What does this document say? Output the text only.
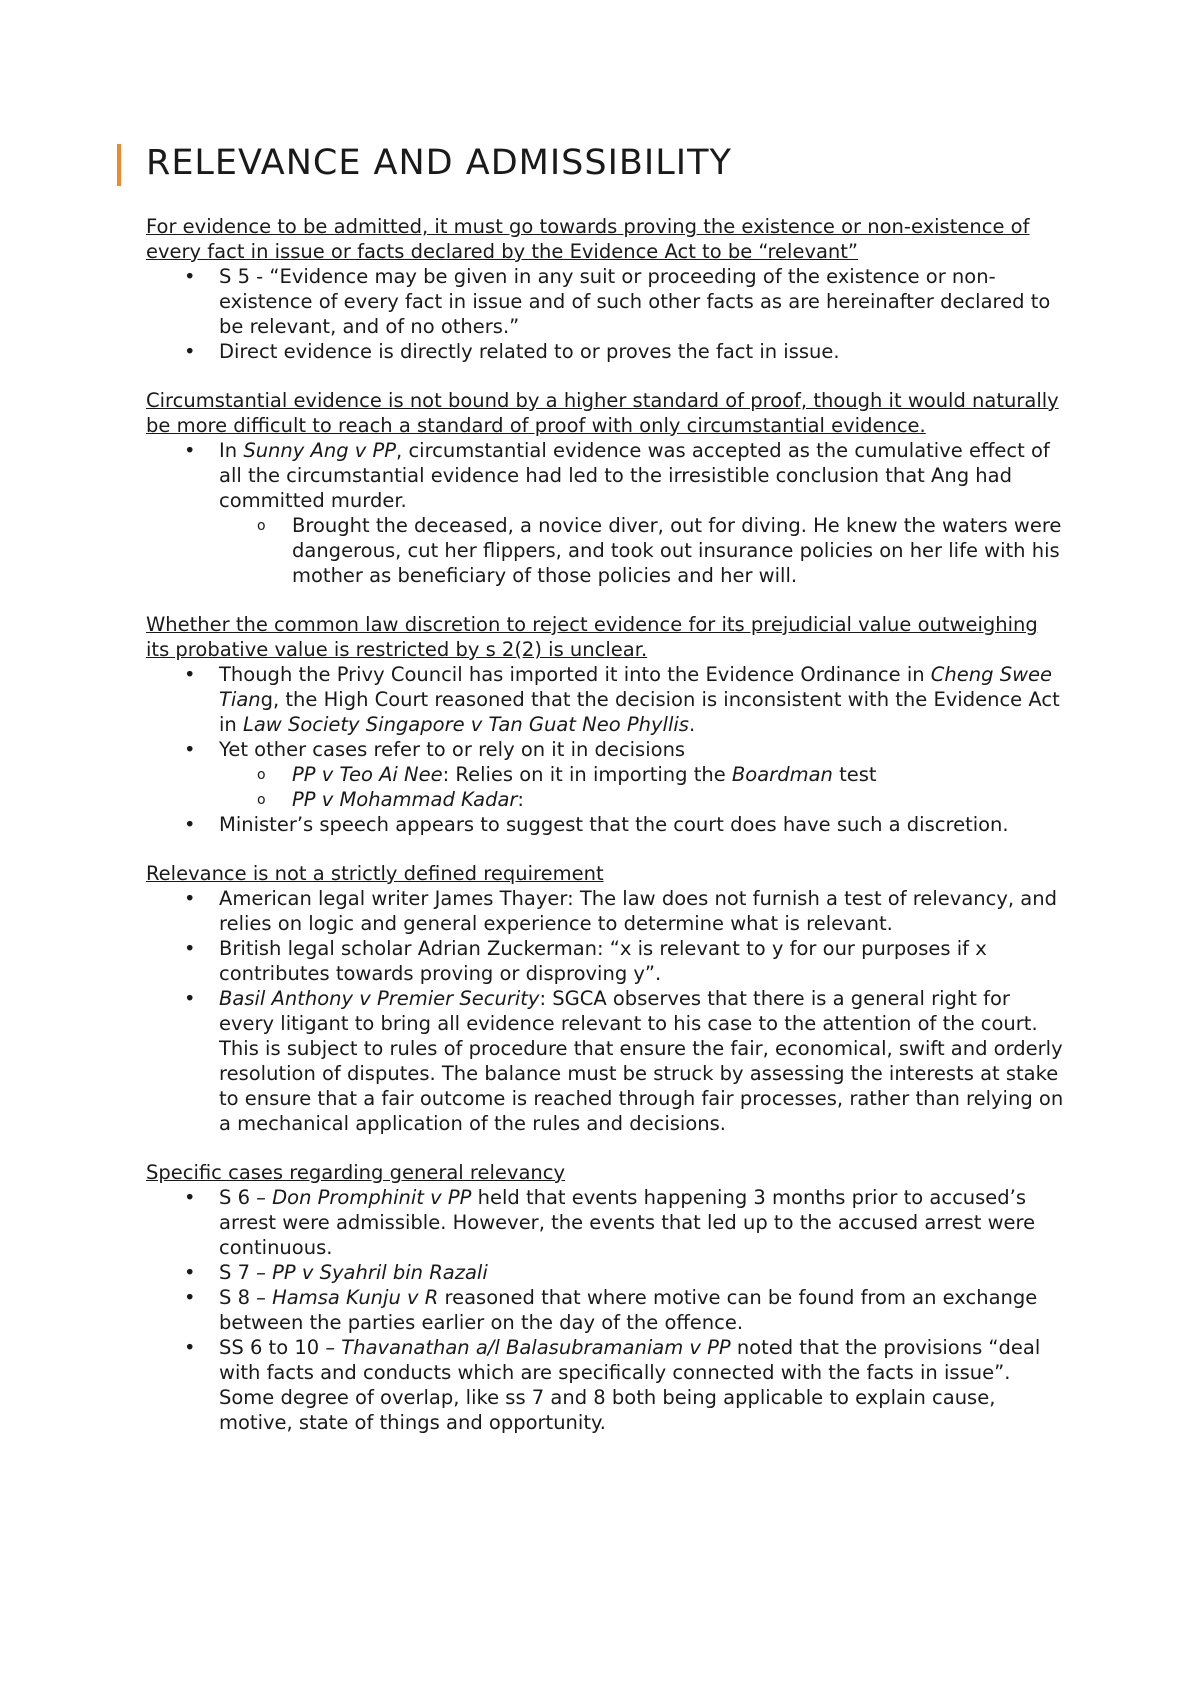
RELEVANCE AND ADMISSIBILITY
For evidence to be admitted, it must go towards proving the existence or non-existence of every fact in issue or facts declared by the Evidence Act to be “relevant”
• S 5 - “Evidence may be given in any suit or proceeding of the existence or non-existence of every fact in issue and of such other facts as are hereinafter declared to be relevant, and of no others.”
• Direct evidence is directly related to or proves the fact in issue.
Circumstantial evidence is not bound by a higher standard of proof, though it would naturally be more difficult to reach a standard of proof with only circumstantial evidence.
• In Sunny Ang v PP, circumstantial evidence was accepted as the cumulative effect of all the circumstantial evidence had led to the irresistible conclusion that Ang had committed murder.
o Brought the deceased, a novice diver, out for diving. He knew the waters were dangerous, cut her flippers, and took out insurance policies on her life with his mother as beneficiary of those policies and her will.
Whether the common law discretion to reject evidence for its prejudicial value outweighing its probative value is restricted by s 2(2) is unclear.
• Though the Privy Council has imported it into the Evidence Ordinance in Cheng Swee Tiang, the High Court reasoned that the decision is inconsistent with the Evidence Act in Law Society Singapore v Tan Guat Neo Phyllis.
• Yet other cases refer to or rely on it in decisions
o PP v Teo Ai Nee: Relies on it in importing the Boardman test
o PP v Mohammad Kadar:
• Minister’s speech appears to suggest that the court does have such a discretion.
Relevance is not a strictly defined requirement
• American legal writer James Thayer: The law does not furnish a test of relevancy, and relies on logic and general experience to determine what is relevant.
• British legal scholar Adrian Zuckerman: “x is relevant to y for our purposes if x contributes towards proving or disproving y”.
• Basil Anthony v Premier Security: SGCA observes that there is a general right for every litigant to bring all evidence relevant to his case to the attention of the court. This is subject to rules of procedure that ensure the fair, economical, swift and orderly resolution of disputes. The balance must be struck by assessing the interests at stake to ensure that a fair outcome is reached through fair processes, rather than relying on a mechanical application of the rules and decisions.
Specific cases regarding general relevancy
• S 6 – Don Promphinit v PP held that events happening 3 months prior to accused’s arrest were admissible. However, the events that led up to the accused arrest were continuous.
• S 7 – PP v Syahril bin Razali
• S 8 – Hamsa Kunju v R reasoned that where motive can be found from an exchange between the parties earlier on the day of the offence.
• SS 6 to 10 – Thavanathan a/l Balasubramaniam v PP noted that the provisions “deal with facts and conducts which are specifically connected with the facts in issue”. Some degree of overlap, like ss 7 and 8 both being applicable to explain cause, motive, state of things and opportunity.
